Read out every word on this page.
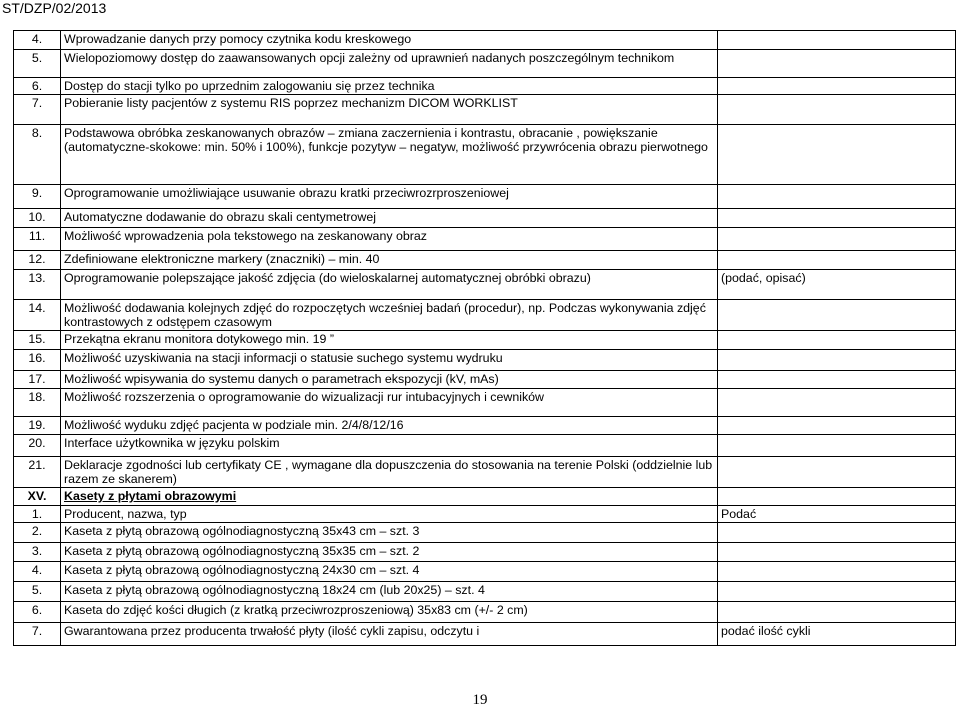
ST/DZP/02/2013
4.	Wprowadzanie danych przy pomocy czytnika kodu kreskowego	
5.	Wielopoziomowy dostęp do zaawansowanych opcji zależny od uprawnień nadanych poszczególnym technikom	
6.	Dostęp do stacji tylko po uprzednim zalogowaniu się przez technika	
7.	Pobieranie listy pacjentów z systemu RIS poprzez mechanizm DICOM WORKLIST	
8.	Podstawowa obróbka zeskanowanych obrazów – zmiana zaczernienia i kontrastu, obracanie , powiększanie (automatyczne-skokowe: min. 50% i 100%), funkcje pozytyw – negatyw, możliwość przywrócenia obrazu pierwotnego	
9.	Oprogramowanie umożliwiające usuwanie obrazu kratki przeciwrozrproszeniowej	
10.	Automatyczne dodawanie do obrazu skali centymetrowej	
11.	Możliwość wprowadzenia pola tekstowego na zeskanowany obraz	
12.	Zdefiniowane elektroniczne markery (znaczniki) – min. 40	
13.	Oprogramowanie polepszające jakość zdjęcia (do wieloskalarnej automatycznej obróbki obrazu)	(podać, opisać)
14.	Możliwość dodawania kolejnych zdjęć do rozpoczętych wcześniej badań (procedur), np. Podczas wykonywania zdjęć kontrastowych z odstępem czasowym	
15.	Przekątna ekranu monitora dotykowego min. 19 ”	
16.	Możliwość uzyskiwania na stacji informacji o statusie suchego systemu wydruku	
17.	Możliwość wpisywania do systemu danych o parametrach ekspozycji (kV, mAs)	
18.	Możliwość rozszerzenia o oprogramowanie do wizualizacji rur intubacyjnych i cewników	
19.	Możliwość wyduku zdjęć pacjenta w podziale min. 2/4/8/12/16	
20.	Interface użytkownika w języku polskim	
21.	Deklaracje zgodności lub certyfikaty CE , wymagane dla dopuszczenia do stosowania na terenie Polski (oddzielnie lub razem ze skanerem)	
XV.	Kasety z płytami obrazowymi	
1.	Producent, nazwa, typ	Podać
2.	Kaseta z płytą obrazową ogólnodiagnostyczną 35x43 cm – szt. 3	
3.	Kaseta z płytą obrazową ogólnodiagnostyczną 35x35 cm – szt. 2	
4.	Kaseta z płytą obrazową ogólnodiagnostyczną 24x30 cm – szt. 4	
5.	Kaseta z płytą obrazową ogólnodiagnostyczną 18x24 cm (lub 20x25) – szt. 4	
6.	Kaseta do zdjęć kości długich (z kratką przeciwrozproszeniową) 35x83 cm (+/- 2 cm)	
7.	Gwarantowana przez producenta trwałość płyty (ilość cykli zapisu, odczytu i	podać ilość cykli
19
